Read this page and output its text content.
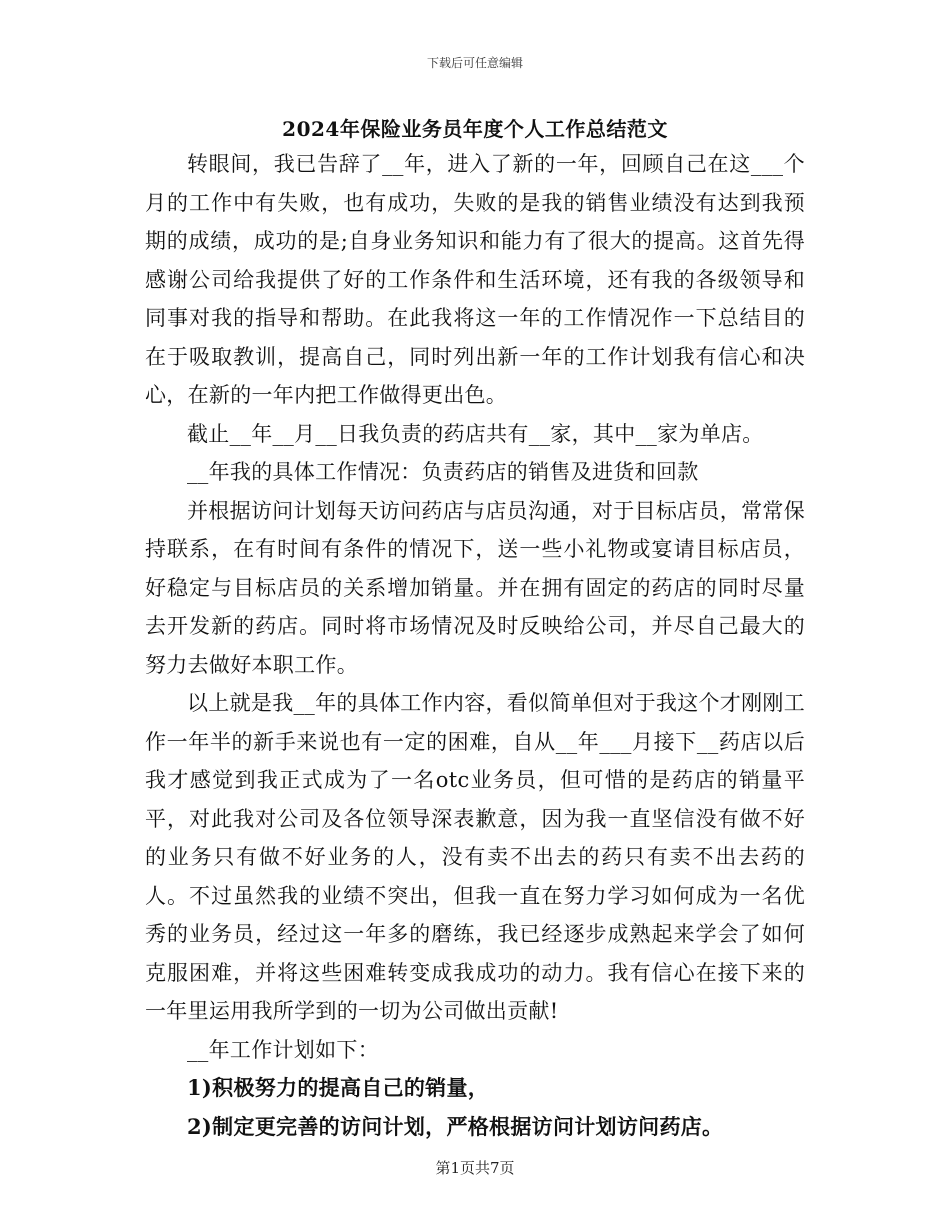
下载后可任意编辑
2024年保险业务员年度个人工作总结范文

转眼间，我已告辞了__年，进入了新的一年，回顾自己在这___个月的工作中有失败，也有成功，失败的是我的销售业绩没有达到我预期的成绩，成功的是;自身业务知识和能力有了很大的提高。这首先得感谢公司给我提供了好的工作条件和生活环境，还有我的各级领导和同事对我的指导和帮助。在此我将这一年的工作情况作一下总结目的在于吸取教训，提高自己，同时列出新一年的工作计划我有信心和决心，在新的一年内把工作做得更出色。

截止__年__月__日我负责的药店共有__家，其中__家为单店。

__年我的具体工作情况：负责药店的销售及进货和回款

并根据访问计划每天访问药店与店员沟通，对于目标店员，常常保持联系，在有时间有条件的情况下，送一些小礼物或宴请目标店员，好稳定与目标店员的关系增加销量。并在拥有固定的药店的同时尽量去开发新的药店。同时将市场情况及时反映给公司，并尽自己最大的努力去做好本职工作。

以上就是我__年的具体工作内容，看似简单但对于我这个才刚刚工作一年半的新手来说也有一定的困难，自从__年___月接下__药店以后我才感觉到我正式成为了一名otc业务员，但可惜的是药店的销量平平，对此我对公司及各位领导深表歉意，因为我一直坚信没有做不好的业务只有做不好业务的人，没有卖不出去的药只有卖不出去药的人。不过虽然我的业绩不突出，但我一直在努力学习如何成为一名优秀的业务员，经过这一年多的磨练，我已经逐步成熟起来学会了如何克服困难，并将这些困难转变成我成功的动力。我有信心在接下来的一年里运用我所学到的一切为公司做出贡献!

__年工作计划如下：

1)积极努力的提高自己的销量，

2)制定更完善的访问计划，严格根据访问计划访问药店。

第1页共7页
